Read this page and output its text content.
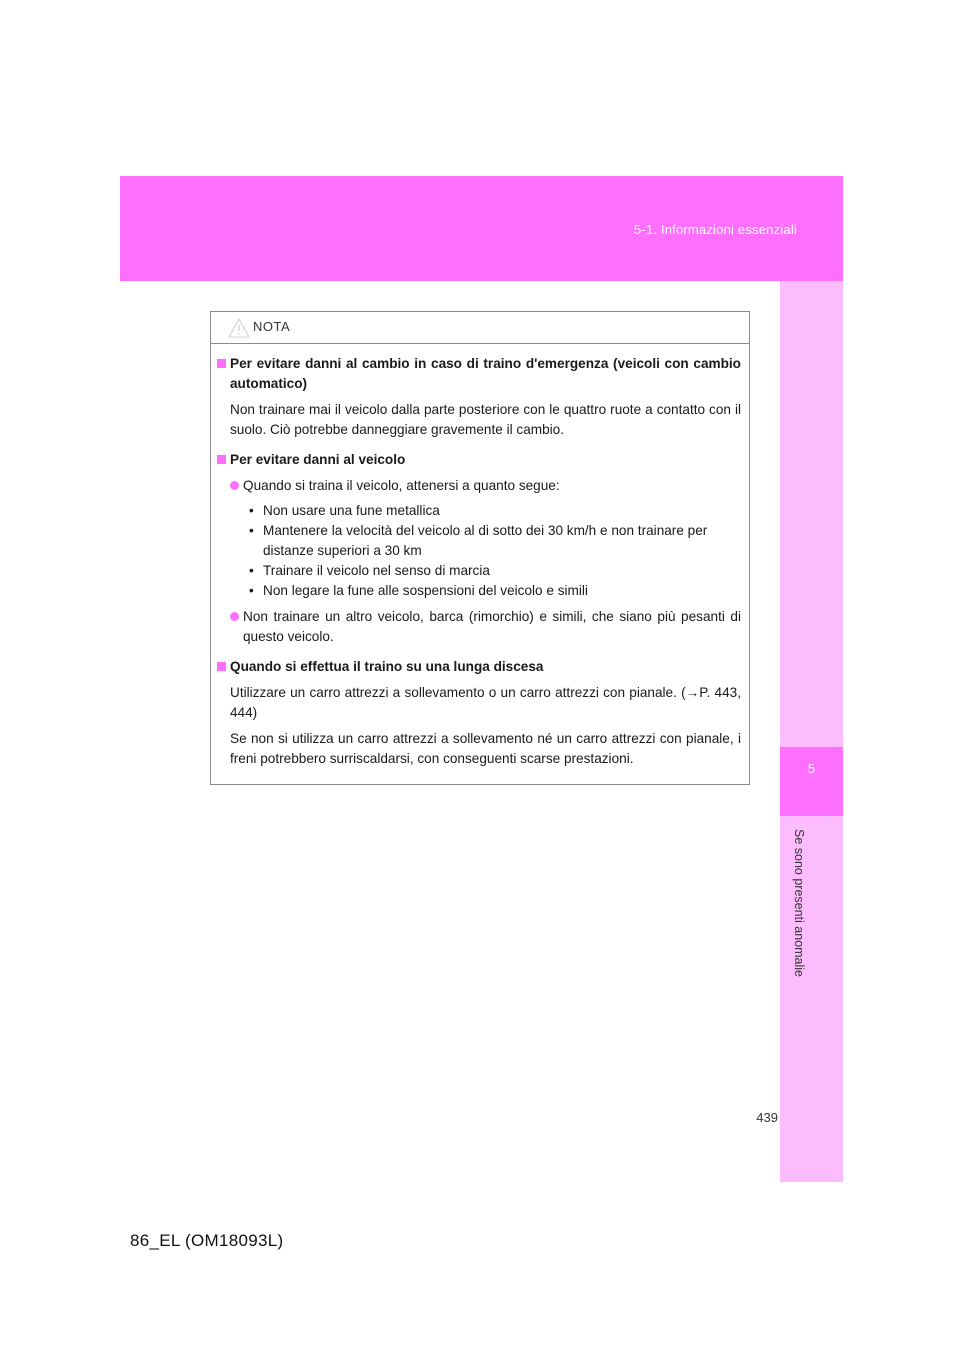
5-1. Informazioni essenziali
5
Se sono presenti anomalie
NOTA

Per evitare danni al cambio in caso di traino d'emergenza (veicoli con cambio automatico)

Non trainare mai il veicolo dalla parte posteriore con le quattro ruote a contatto con il suolo. Ciò potrebbe danneggiare gravemente il cambio.

Per evitare danni al veicolo

Quando si traina il veicolo, attenersi a quanto segue:

• Non usare una fune metallica
• Mantenere la velocità del veicolo al di sotto dei 30 km/h e non trainare per distanze superiori a 30 km
• Trainare il veicolo nel senso di marcia
• Non legare la fune alle sospensioni del veicolo e simili

Non trainare un altro veicolo, barca (rimorchio) e simili, che siano più pesanti di questo veicolo.

Quando si effettua il traino su una lunga discesa

Utilizzare un carro attrezzi a sollevamento o un carro attrezzi con pianale. (→P. 443, 444)

Se non si utilizza un carro attrezzi a sollevamento né un carro attrezzi con pianale, i freni potrebbero surriscaldarsi, con conseguenti scarse prestazioni.

439
86_EL (OM18093L)
